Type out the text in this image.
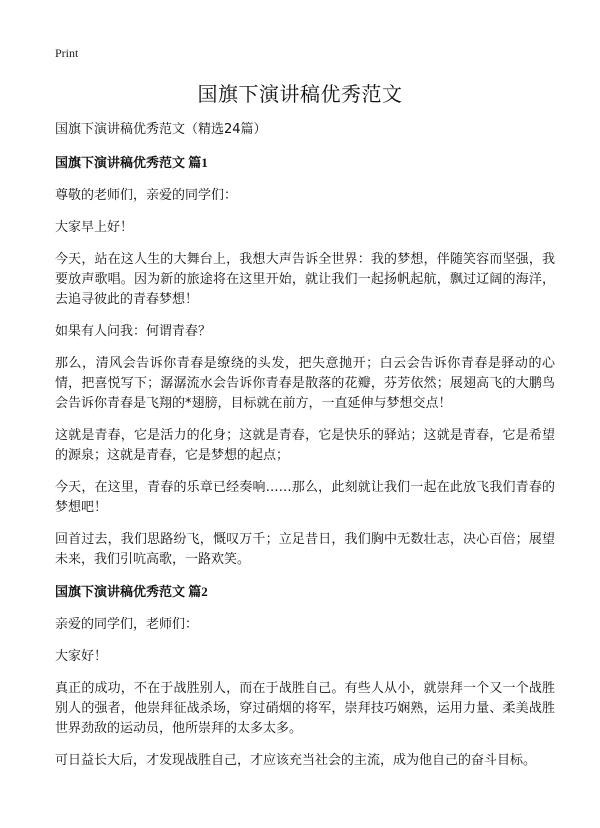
Print
国旗下演讲稿优秀范文

国旗下演讲稿优秀范文（精选24篇）

国旗下演讲稿优秀范文 篇1

尊敬的老师们，亲爱的同学们：

大家早上好！

今天，站在这人生的大舞台上，我想大声告诉全世界：我的梦想，伴随笑容而坚强，我要放声歌唱。因为新的旅途将在这里开始，就让我们一起扬帆起航，飘过辽阔的海洋，去追寻彼此的青春梦想！

如果有人问我：何谓青春？

那么，清风会告诉你青春是缭绕的头发，把失意抛开；白云会告诉你青春是驿动的心情，把喜悦写下；潺潺流水会告诉你青春是散落的花瓣，芬芳依然；展翅高飞的大鹏鸟会告诉你青春是飞翔的*翅膀，目标就在前方，一直延伸与梦想交点！

这就是青春，它是活力的化身；这就是青春，它是快乐的驿站；这就是青春，它是希望的源泉；这就是青春，它是梦想的起点；

今天，在这里，青春的乐章已经奏响……那么，此刻就让我们一起在此放飞我们青春的梦想吧！

回首过去，我们思路纷飞，慨叹万千；立足昔日，我们胸中无数壮志，决心百倍；展望未来，我们引吭高歌，一路欢笑。

国旗下演讲稿优秀范文 篇2

亲爱的同学们，老师们：

大家好！

真正的成功，不在于战胜别人，而在于战胜自己。有些人从小，就崇拜一个又一个战胜别人的强者，他崇拜征战杀场，穿过硝烟的将军，崇拜技巧娴熟，运用力量、柔美战胜世界劲敌的运动员，他所崇拜的太多太多。

可日益长大后，才发现战胜自己，才应该充当社会的主流，成为他自己的奋斗目标。
